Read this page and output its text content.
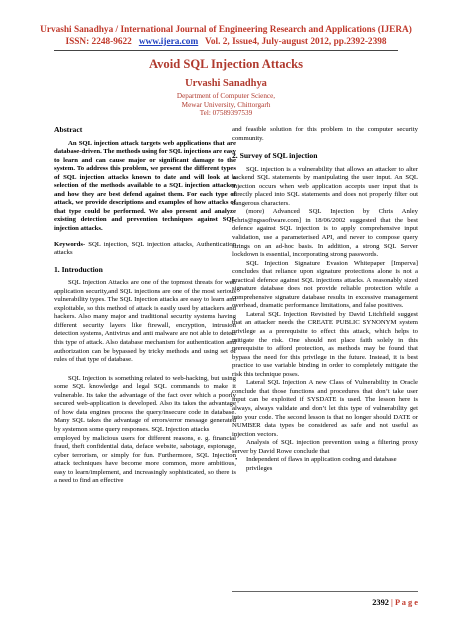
Urvashi Sanadhya / International Journal of Engineering Research and Applications (IJERA)
ISSN: 2248-9622 www.ijera.com Vol. 2, Issue4, July-august 2012, pp.2392-2398
Avoid SQL Injection Attacks
Urvashi Sanadhya
Department of Computer Science,
Mewar University, Chittorgarh
Tel: 07589397539

Abstract

An SQL injection attack targets web applications that are database-driven. The methods using for SQL injections are easy to learn and can cause major or significant damage to the system. To address this problem, we present the different types of SQL injection attacks known to date and will look at a selection of the methods available to a SQL injection attacker and how they are best defend against them. For each type of attack, we provide descriptions and examples of how attacks of that type could be performed. We also present and analyze existing detection and prevention techniques against SQL injection attacks.

Keywords- SQL injection, SQL injection attacks, Authentication attacks

1. Introduction

SQL Injection Attacks are one of the topmost threats for web application security,and SQL injections are one of the most serious vulnerability types. The SQL Injection attacks are easy to learn and exploitable, so this method of attack is easily used by attackers and hackers. Also many major and traditional security systems having different security layers like firewall, encryption, intrusion detection systems, Antivirus and anti malware are not able to detect this type of attack. Also database mechanism for authentication and authorization can be bypassed by tricky methods and using set of rules of that type of database.

SQL Injection is something related to web-hacking, but using some SQL knowledge and legal SQL commands to make it vulnerable. Its take the advantage of the fact over which a poorly secured web-application is developed. Also its takes the advantage of how data engines process the query/insecure code in database. Many SQL takes the advantage of errors/error message generated by systemon some query responses. SQL Injection attacks

employed by malicious users for different reasons, e. g. financial fraud, theft confidential data, deface website, sabotage, espionage, cyber terrorism, or simply for fun. Furthermore, SQL Injection attack techniques have become more common, more ambitious, easy to learn/implement, and increasingly sophisticated, so there is a need to find an effective

and feasible solution for this problem in the computer security community.

2. Survey of SQL injection

SQL injection is a vulnerability that allows an attacker to alter backend SQL statements by manipulating the user input. An SQL injection occurs when web application accepts user input that is directly placed into SQL statements and does not properly filter out dangerous characters.

(more) Advanced SQL Injection by Chris Anley [chris@ngssoftware.com] in 18/06/2002 suggested that the best defence against SQL injection is to apply comprehensive input validation, use a parameterised API, and never to compose query strings on an ad-hoc basis. In addition, a strong SQL Server lockdown is essential, incorporating strong passwords.

SQL Injection Signature Evasion Whitepaper [Imperva] concludes that reliance upon signature protections alone is not a practical defence against SQL injections attacks. A reasonably sized signature database does not provide reliable protection while a comprehensive signature database results in excessive management overhead, dramatic performance limitations, and false positives.

Lateral SQL Injection Revisited by David Litchfield suggest that an attacker needs the CREATE PUBLIC SYNONYM system privilege as a prerequisite to effect this attack, which helps to mitigate the risk. One should not place faith solely in this prerequisite to afford protection, as methods may be found that bypass the need for this privilege in the future. Instead, it is best practice to use variable binding in order to completely mitigate the risk this technique poses.

Lateral SQL Injection A new Class of Vulnerability in Oracle conclude that those functions and procedures that don’t take user input can be exploited if SYSDATE is used. The lesson here is always, always validate and don’t let this type of vulnerability get into your code. The second lesson is that no longer should DATE or NUMBER data types be considered as safe and not useful as injection vectors.

Analysis of SQL injection prevention using a filtering proxy server by David Rowe conclude that

• Independent of flaws in application coding and database privileges
2392 | P a g e
